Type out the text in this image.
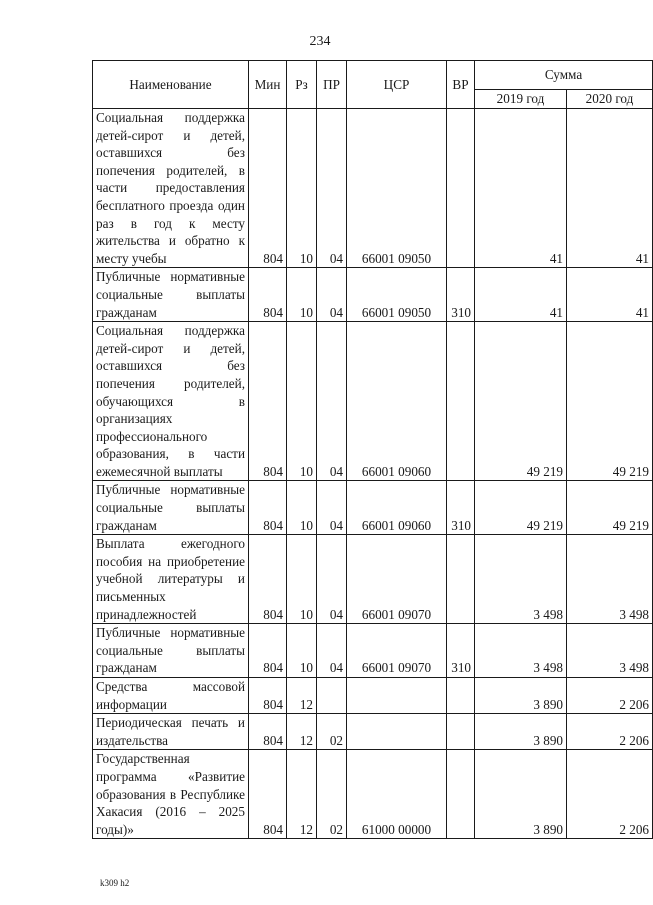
234
Наименование	Мин	Рз	ПР	ЦСР	ВР	Сумма	
						2019 год	2020 год
Социальная поддержка детей-сирот и детей, оставшихся без попечения родителей, в части предоставления бесплатного проезда один раз в год к месту жительства и обратно к месту учебы	804	10	04	66001 09050		41	41
Публичные нормативные социальные выплаты гражданам	804	10	04	66001 09050	310	41	41
Социальная поддержка детей-сирот и детей, оставшихся без попечения родителей, обучающихся в организациях профессионального образования, в части ежемесячной выплаты	804	10	04	66001 09060		49 219	49 219
Публичные нормативные социальные выплаты гражданам	804	10	04	66001 09060	310	49 219	49 219
Выплата ежегодного пособия на приобретение учебной литературы и письменных принадлежностей	804	10	04	66001 09070		3 498	3 498
Публичные нормативные социальные выплаты гражданам	804	10	04	66001 09070	310	3 498	3 498
Средства массовой информации	804	12				3 890	2 206
Периодическая печать и издательства	804	12	02			3 890	2 206
Государственная программа «Развитие образования в Республике Хакасия (2016 – 2025 годы)»	804	12	02	61000 00000		3 890	2 206
k309 h2
